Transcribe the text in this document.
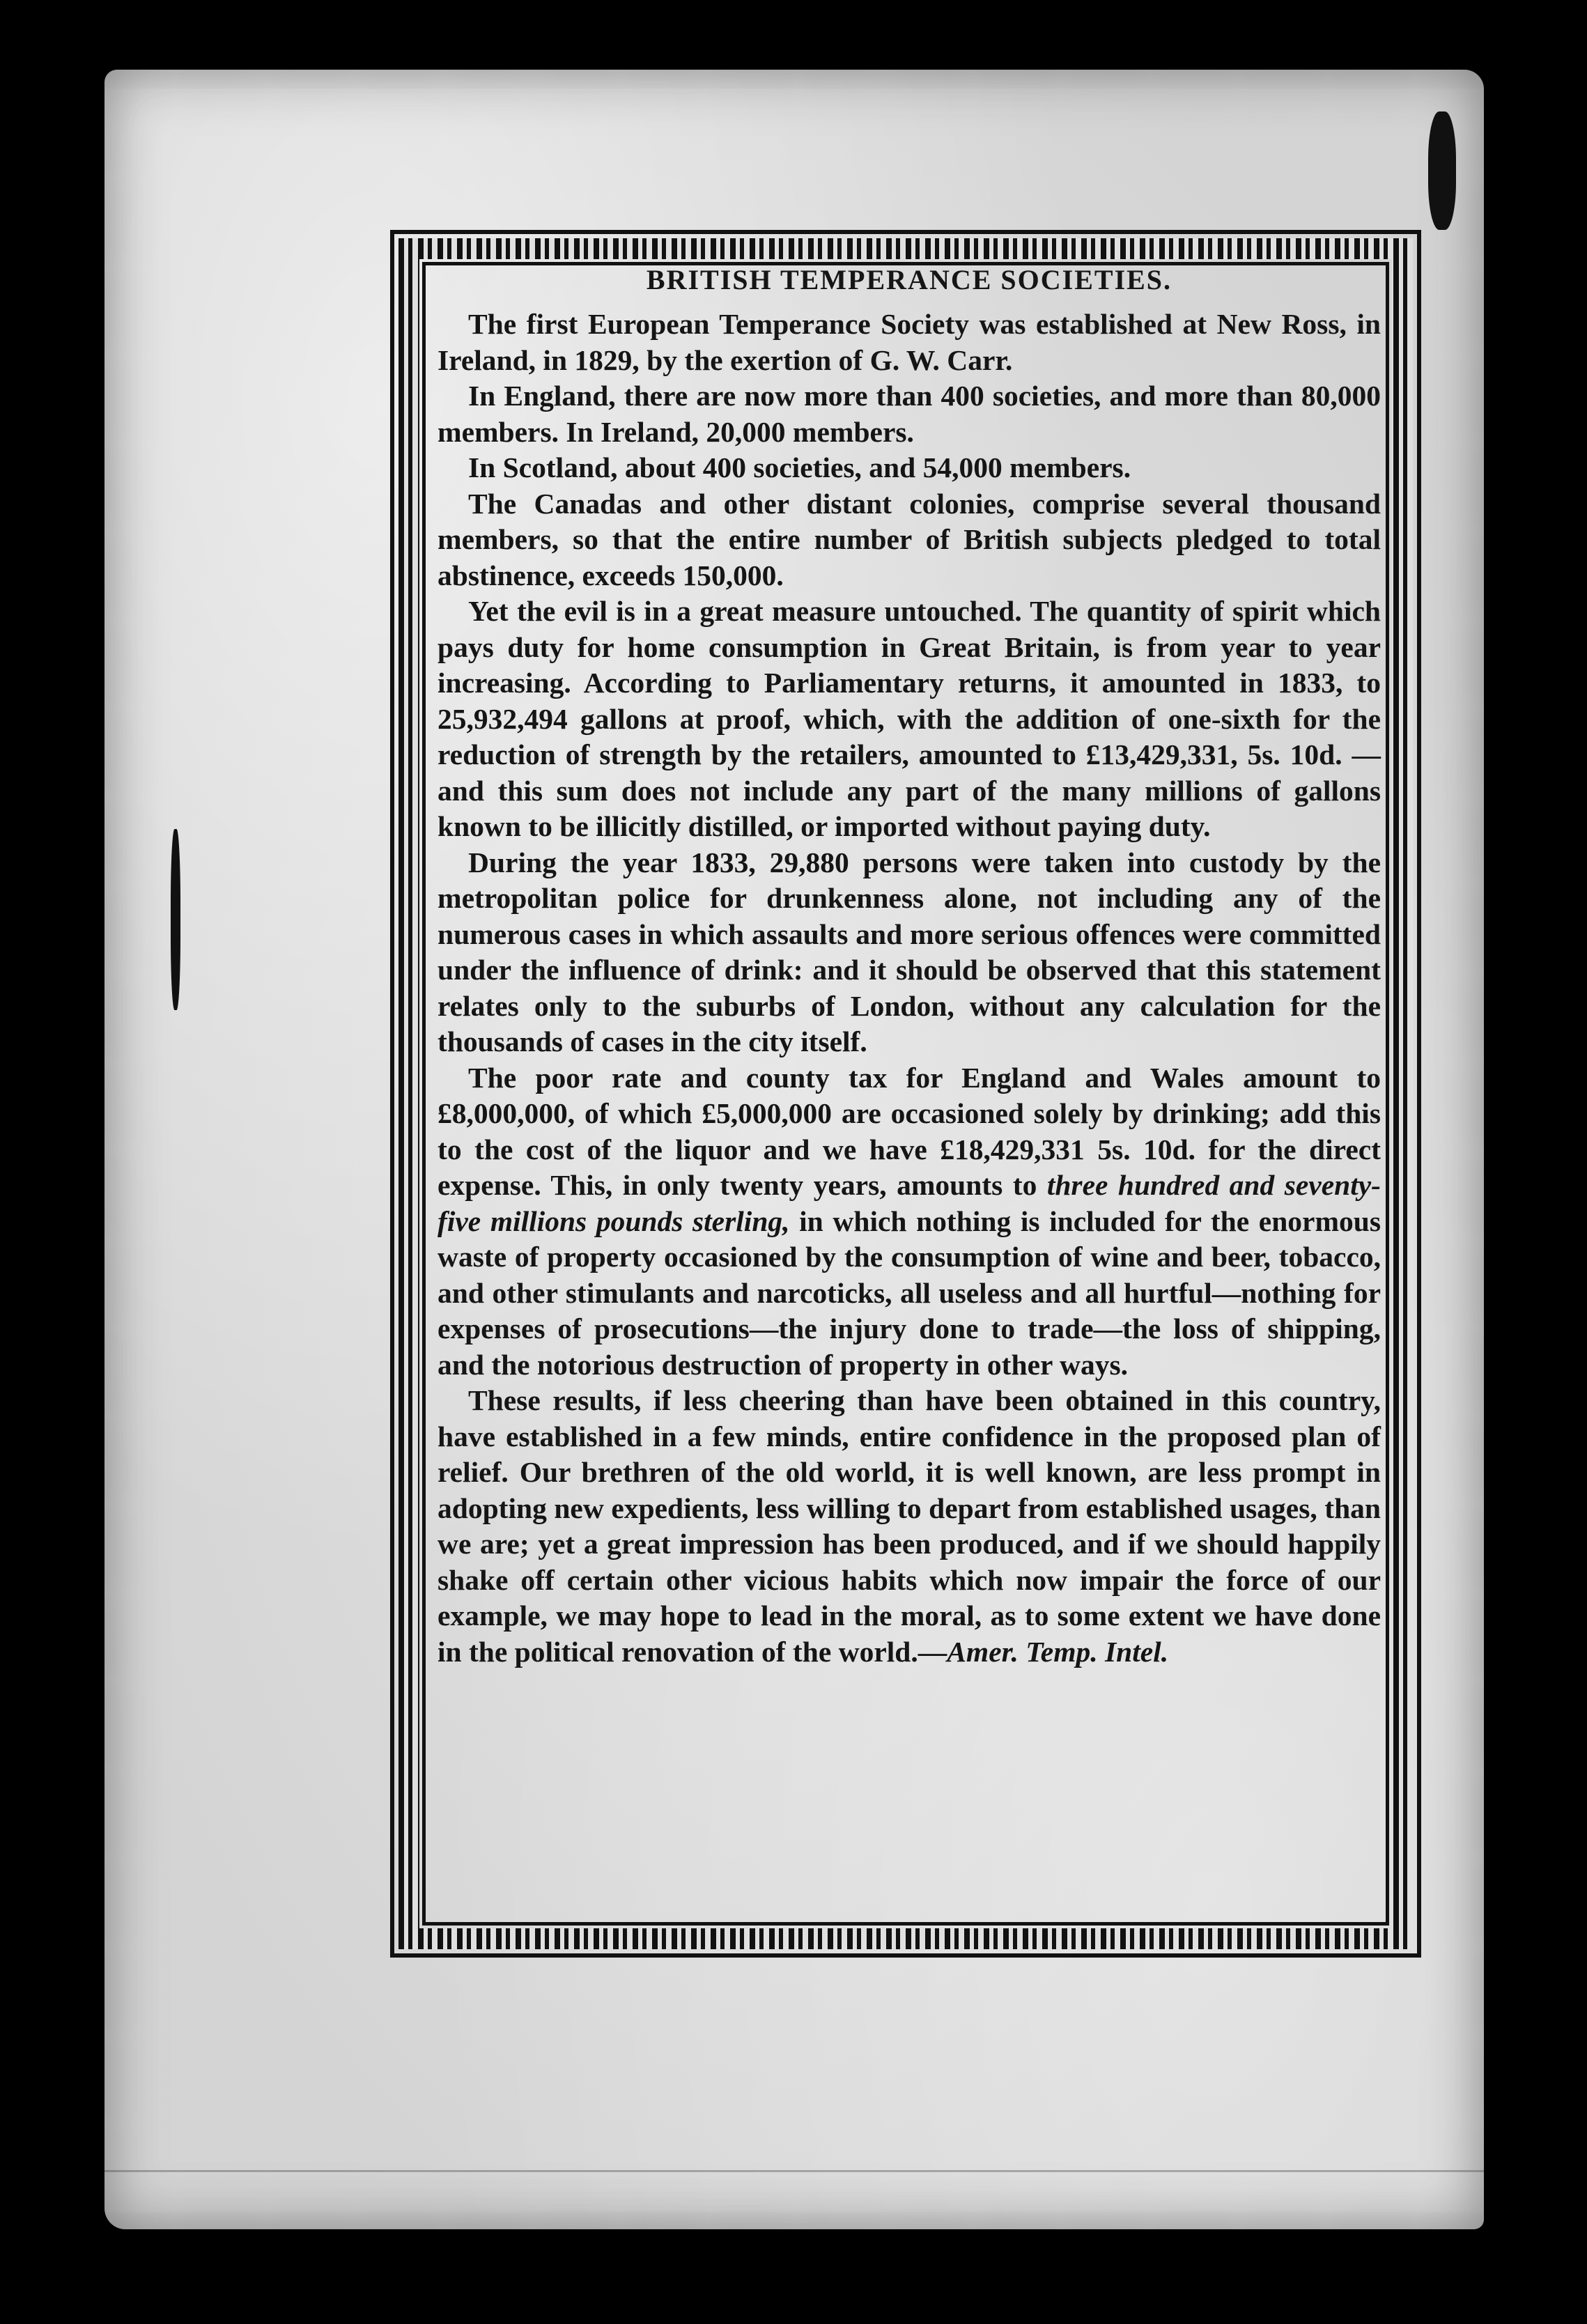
BRITISH TEMPERANCE SOCIETIES.

The first European Temperance Society was established at New Ross, in Ireland, in 1829, by the exertion of G. W. Carr.

In England, there are now more than 400 societies, and more than 80,000 members. In Ireland, 20,000 members.

In Scotland, about 400 societies, and 54,000 members.

The Canadas and other distant colonies, comprise several thousand members, so that the entire number of British subjects pledged to total abstinence, exceeds 150,000.

Yet the evil is in a great measure untouched. The quantity of spirit which pays duty for home consumption in Great Britain, is from year to year increasing. According to Parliamentary returns, it amounted in 1833, to 25,932,494 gallons at proof, which, with the addition of one-sixth for the reduction of strength by the retailers, amounted to £13,429,331, 5s. 10d. —and this sum does not include any part of the many millions of gallons known to be illicitly distilled, or imported without paying duty.

During the year 1833, 29,880 persons were taken into custody by the metropolitan police for drunkenness alone, not including any of the numerous cases in which assaults and more serious offences were committed under the influence of drink: and it should be observed that this statement relates only to the suburbs of London, without any calculation for the thousands of cases in the city itself.

The poor rate and county tax for England and Wales amount to £8,000,000, of which £5,000,000 are occasioned solely by drinking; add this to the cost of the liquor and we have £18,429,331 5s. 10d. for the direct expense. This, in only twenty years, amounts to three hundred and seventy-five millions pounds sterling, in which nothing is included for the enormous waste of property occasioned by the consumption of wine and beer, tobacco, and other stimulants and narcoticks, all useless and all hurtful—nothing for expenses of prosecutions—the injury done to trade—the loss of shipping, and the notorious destruction of property in other ways.

These results, if less cheering than have been obtained in this country, have established in a few minds, entire confidence in the proposed plan of relief. Our brethren of the old world, it is well known, are less prompt in adopting new expedients, less willing to depart from established usages, than we are; yet a great impression has been produced, and if we should happily shake off certain other vicious habits which now impair the force of our example, we may hope to lead in the moral, as to some extent we have done in the political renovation of the world.—Amer. Temp. Intel.
